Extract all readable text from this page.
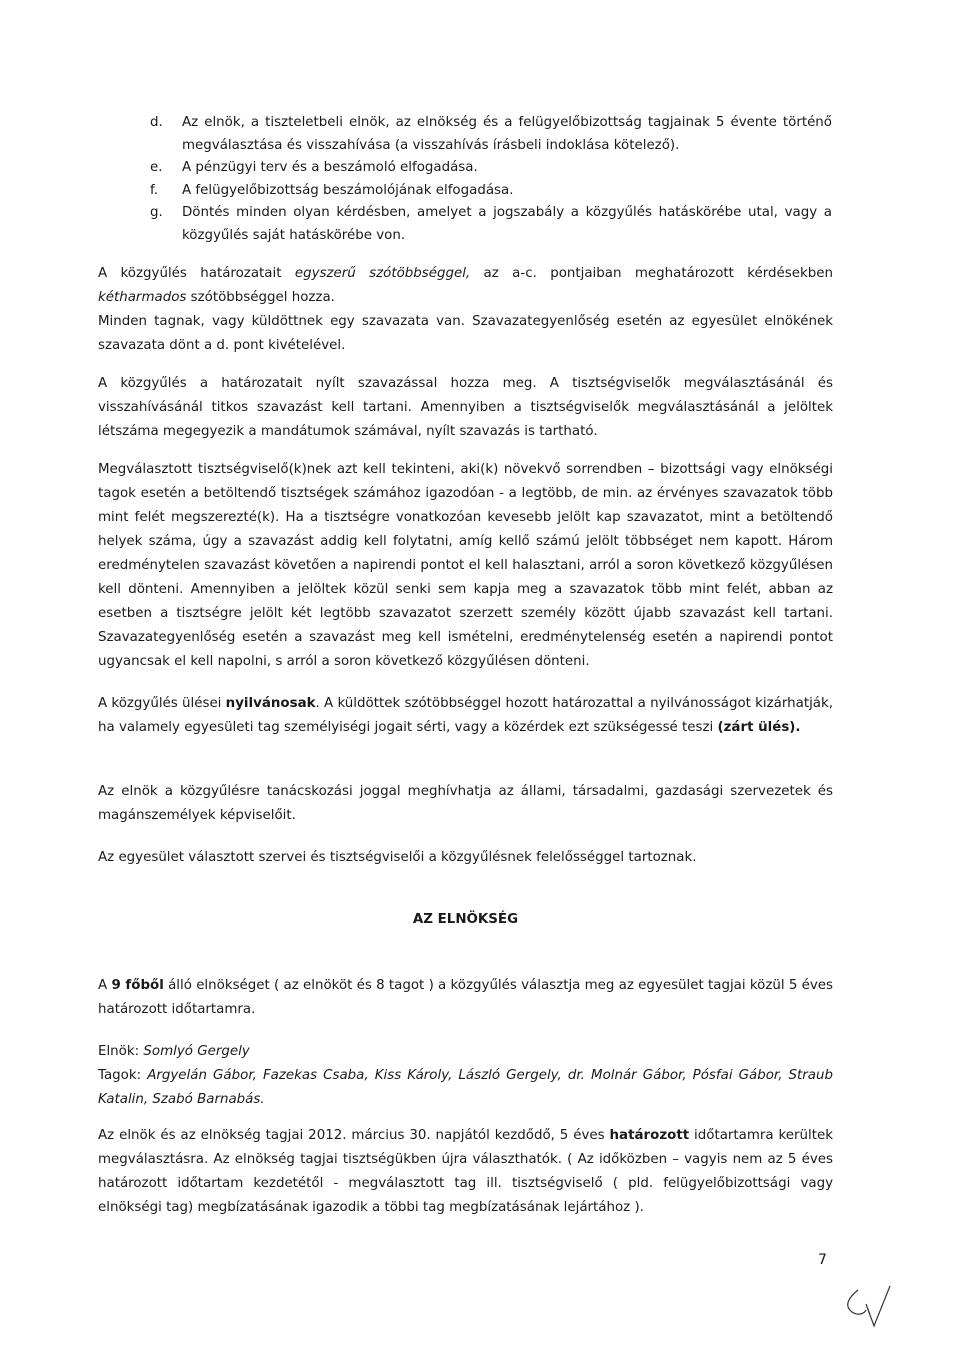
d. Az elnök, a tiszteletbeli elnök, az elnökség és a felügyelőbizottság tagjainak 5 évente történő megválasztása és visszahívása (a visszahívás írásbeli indoklása kötelező).
e. A pénzügyi terv és a beszámoló elfogadása.
f. A felügyelőbizottság beszámolójának elfogadása.
g. Döntés minden olyan kérdésben, amelyet a jogszabály a közgyűlés hatáskörébe utal, vagy a közgyűlés saját hatáskörébe von.

A közgyűlés határozatait egyszerű szótöbbséggel, az a-c. pontjaiban meghatározott kérdésekben kétharmados szótöbbséggel hozza.

Minden tagnak, vagy küldöttnek egy szavazata van. Szavazategyenlőség esetén az egyesület elnökének szavazata dönt a d. pont kivételével.

A közgyűlés a határozatait nyílt szavazással hozza meg. A tisztségviselők megválasztásánál és visszahívásánál titkos szavazást kell tartani. Amennyiben a tisztségviselők megválasztásánál a jelöltek létszáma megegyezik a mandátumok számával, nyílt szavazás is tartható.

Megválasztott tisztségviselő(k)nek azt kell tekinteni, aki(k) növekvő sorrendben – bizottsági vagy elnökségi tagok esetén a betöltendő tisztségek számához igazodóan - a legtöbb, de min. az érvényes szavazatok több mint felét megszerezté(k). Ha a tisztségre vonatkozóan kevesebb jelölt kap szavazatot, mint a betöltendő helyek száma, úgy a szavazást addig kell folytatni, amíg kellő számú jelölt többséget nem kapott. Három eredménytelen szavazást követően a napirendi pontot el kell halasztani, arról a soron következő közgyűlésen kell dönteni. Amennyiben a jelöltek közül senki sem kapja meg a szavazatok több mint felét, abban az esetben a tisztségre jelölt két legtöbb szavazatot szerzett személy között újabb szavazást kell tartani. Szavazategyenlőség esetén a szavazást meg kell ismételni, eredménytelenség esetén a napirendi pontot ugyancsak el kell napolni, s arról a soron következő közgyűlésen dönteni.

A közgyűlés ülései nyilvánosak. A küldöttek szótöbbséggel hozott határozattal a nyilvánosságot kizárhatják, ha valamely egyesületi tag személyiségi jogait sérti, vagy a közérdek ezt szükségessé teszi (zárt ülés).

Az elnök a közgyűlésre tanácskozási joggal meghívhatja az állami, társadalmi, gazdasági szervezetek és magánszemélyek képviselőit.

Az egyesület választott szervei és tisztségviselői a közgyűlésnek felelősséggel tartoznak.

AZ ELNÖKSÉG

A 9 főből álló elnökséget ( az elnököt és 8 tagot ) a közgyűlés választja meg az egyesület tagjai közül 5 éves határozott időtartamra.

Elnök: Somlyó Gergely

Tagok: Argyelán Gábor, Fazekas Csaba, Kiss Károly, László Gergely, dr. Molnár Gábor, Pósfai Gábor, Straub Katalin, Szabó Barnabás.

Az elnök és az elnökség tagjai 2012. március 30. napjától kezdődő, 5 éves határozott időtartamra kerültek megválasztásra. Az elnökség tagjai tisztségükben újra választhatók. ( Az időközben – vagyis nem az 5 éves határozott időtartam kezdetétől - megválasztott tag ill. tisztségviselő ( pld. felügyelőbizottsági vagy elnökségi tag) megbízatásának igazodik a többi tag megbízatásának lejártához ).

7
